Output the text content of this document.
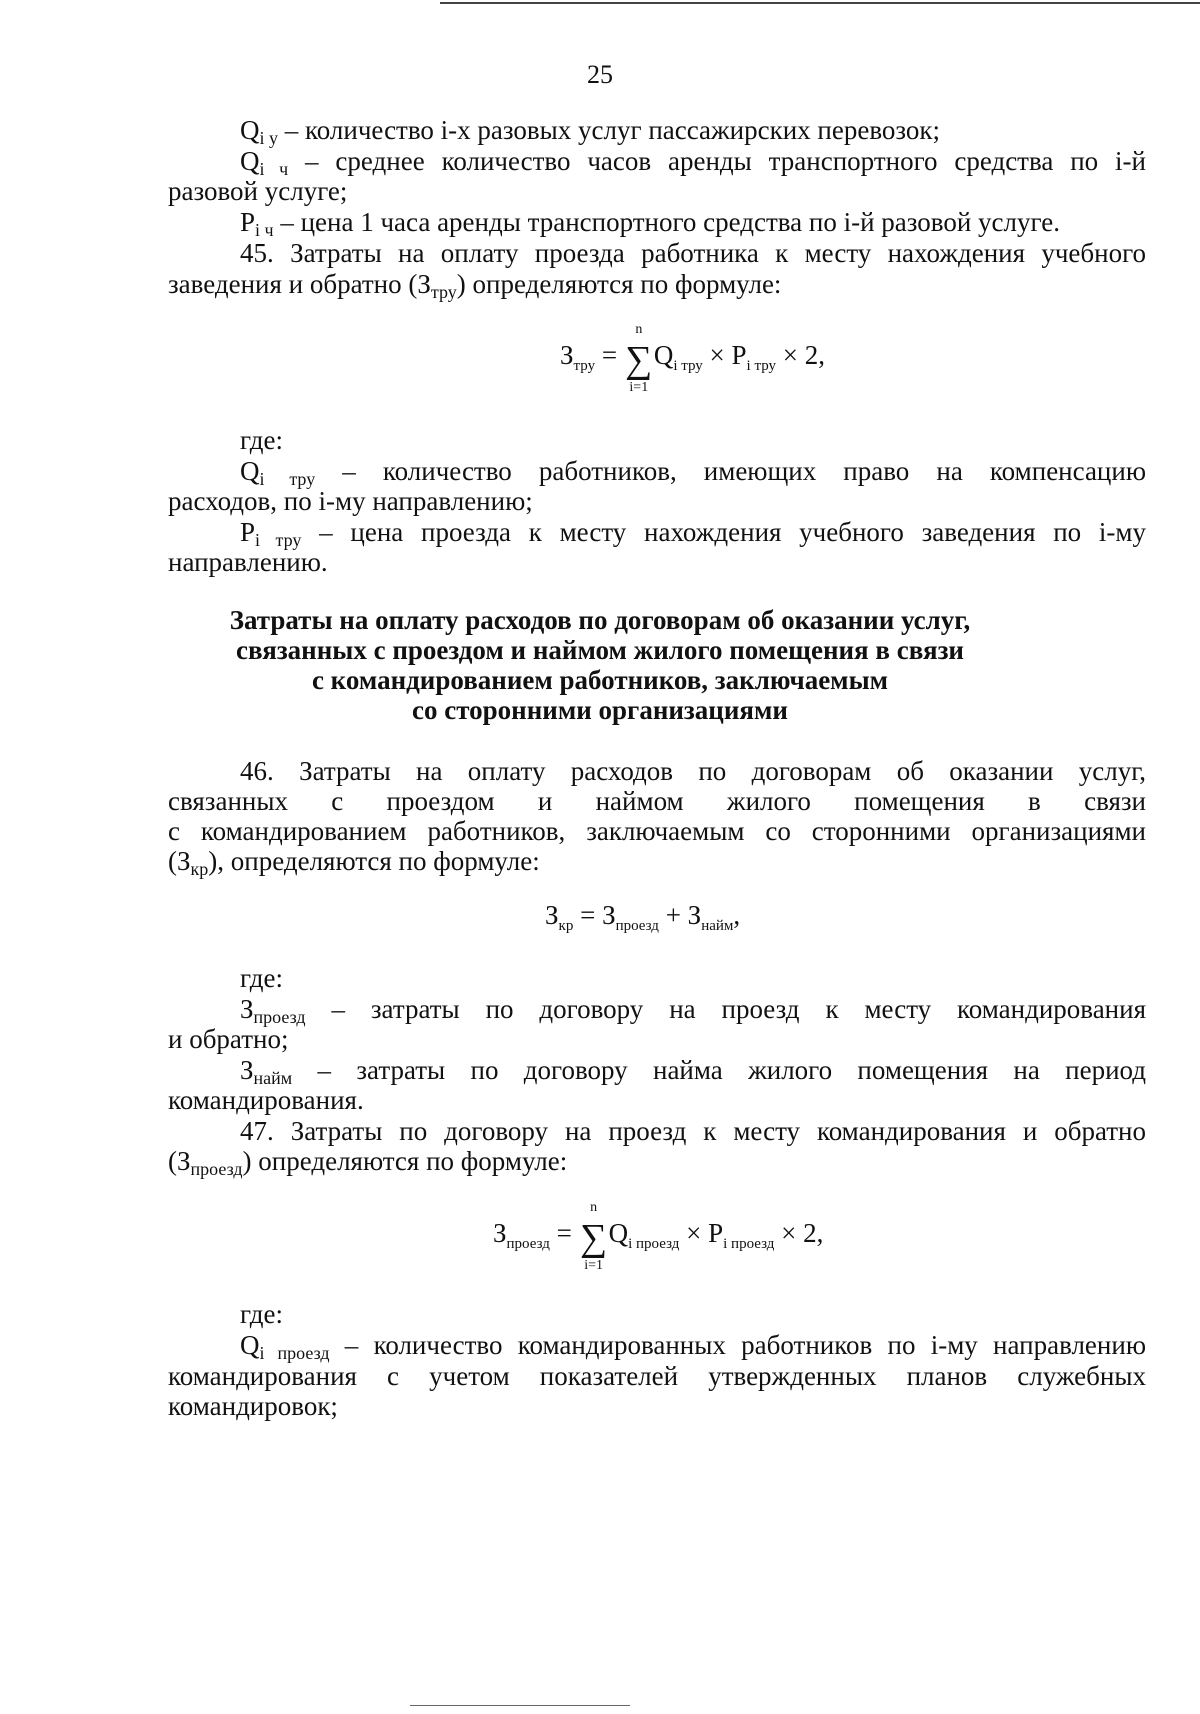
25
$Q_{i у}$ – количество i-х разовых услуг пассажирских перевозок;
$Q_{i ч}$ – среднее количество часов аренды транспортного средства по i-й
разовой услуге;
$P_{i ч}$ – цена 1 часа аренды транспортного средства по i-й разовой услуге.
45. Затраты на оплату проезда работника к месту нахождения учебного
заведения и обратно $(З_{тру})$ определяются по формуле:
$З_{тру}$ = ∑
n
i=1
$Q_{i тру} \times P_{i тру} \times 2$,
где:
$Q_{i тру}$ – количество работников, имеющих право на компенсацию
расходов, по i-му направлению;
$P_{i тру}$ – цена проезда к месту нахождения учебного заведения по i-му
направлению.
Затраты на оплату расходов по договорам об оказании услуг,
связанных с проездом и наймом жилого помещения в связи
с командированием работников, заключаемым
со сторонними организациями
46. Затраты на оплату расходов по договорам об оказании услуг,
связанных с проездом и наймом жилого помещения в связи
с командированием работников, заключаемым со сторонними организациями
$(З_{кр})$, определяются по формуле:
$З_{кр} = З_{проезд} + З_{найм}$,
где:
$З_{проезд}$ – затраты по договору на проезд к месту командирования
и обратно;
$З_{найм}$ – затраты по договору найма жилого помещения на период
командирования.
47. Затраты по договору на проезд к месту командирования и обратно
$(З_{проезд})$ определяются по формуле:
$З_{проезд}$ = ∑
n
i=1
$Q_{i проезд} \times P_{i проезд} \times 2$,
где:
$Q_{i проезд}$ – количество командированных работников по i-му направлению
командирования с учетом показателей утвержденных планов служебных
командировок;
